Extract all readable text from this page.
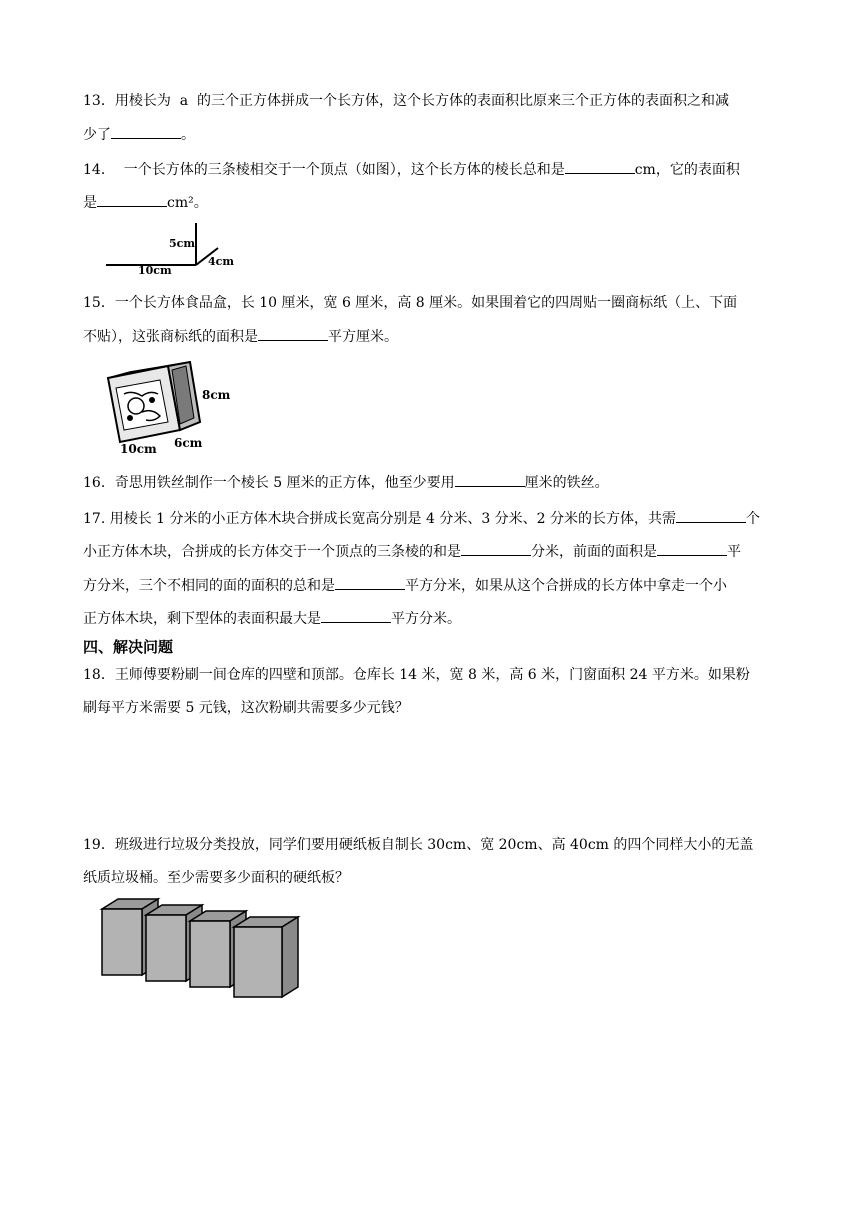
13．用棱长为  a  的三个正方体拼成一个长方体，这个长方体的表面积比原来三个正方体的表面积之和减
少了	。
14．  一个长方体的三条棱相交于一个顶点（如图），这个长方体的棱长总和是	cm，它的表面积
是	cm²。
5cm
4cm
10cm
15．一个长方体食品盒，长 10 厘米，宽 6 厘米，高 8 厘米。如果围着它的四周贴一圈商标纸（上、下面
不贴），这张商标纸的面积是	平方厘米。
8cm
6cm
10cm
16．奇思用铁丝制作一个棱长 5 厘米的正方体，他至少要用	厘米的铁丝。
17. 用棱长 1 分米的小正方体木块合拼成长宽高分别是 4 分米、3 分米、2 分米的长方体，共需	个
小正方体木块，合拼成的长方体交于一个顶点的三条棱的和是	分米，前面的面积是	平
方分米，三个不相同的面的面积的总和是	平方分米，如果从这个合拼成的长方体中拿走一个小
正方体木块，剩下型体的表面积最大是	平方分米。
四、解决问题
18．王师傅要粉刷一间仓库的四壁和顶部。仓库长 14 米，宽 8 米，高 6 米，门窗面积 24 平方米。如果粉
刷每平方米需要 5 元钱，这次粉刷共需要多少元钱？
19．班级进行垃圾分类投放，同学们要用硬纸板自制长 30cm、宽 20cm、高 40cm 的四个同样大小的无盖
纸质垃圾桶。至少需要多少面积的硬纸板？
